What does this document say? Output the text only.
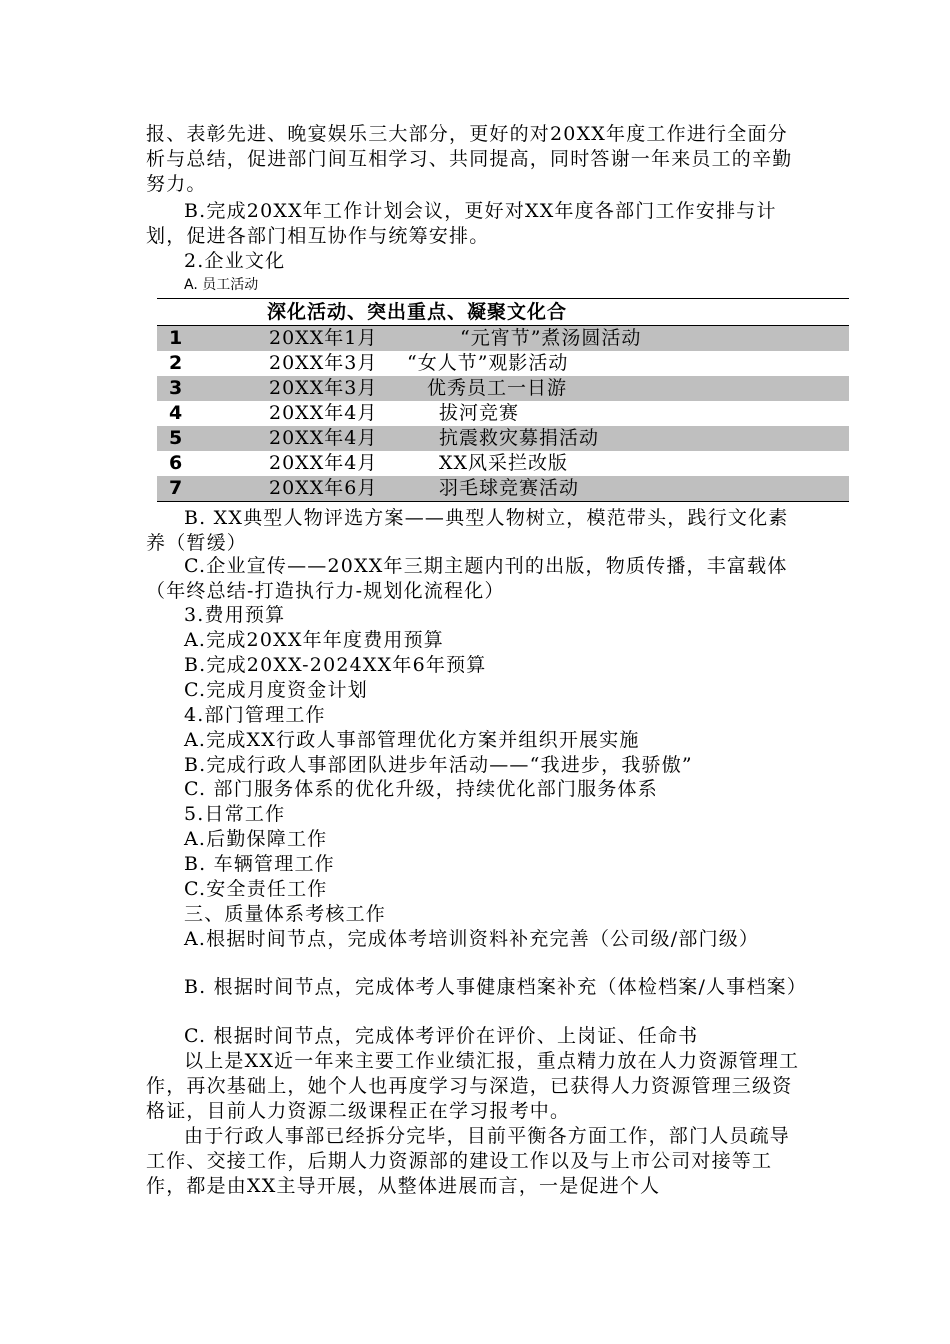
报、表彰先进、晚宴娱乐三大部分，更好的对20XX年度工作进行全面分析与总结，促进部门间互相学习、共同提高，同时答谢一年来员工的辛勤努力。
B.完成20XX年工作计划会议，更好对XX年度各部门工作安排与计划，促进各部门相互协作与统筹安排。
2.企业文化
A. 员工活动
深化活动、突出重点、凝聚文化合
1	20XX年1月	“元宵节”煮汤圆活动
2	20XX年3月 “女人节”观影活动
3	20XX年3月	优秀员工一日游
4	20XX年4月	拔河竞赛
5	20XX年4月	抗震救灾募捐活动
6	20XX年4月	XX风采拦改版
7	20XX年6月	羽毛球竞赛活动
B. XX典型人物评选方案——典型人物树立，模范带头，践行文化素养（暂缓）
C.企业宣传——20XX年三期主题内刊的出版，物质传播，丰富载体（年终总结-打造执行力-规划化流程化）
3.费用预算
A.完成20XX年年度费用预算
B.完成20XX-2024XX年6年预算
C.完成月度资金计划
4.部门管理工作
A.完成XX行政人事部管理优化方案并组织开展实施
B.完成行政人事部团队进步年活动——“我进步，我骄傲”
C. 部门服务体系的优化升级，持续优化部门服务体系
5.日常工作
A.后勤保障工作
B. 车辆管理工作
C.安全责任工作
三、质量体系考核工作
A.根据时间节点，完成体考培训资料补充完善（公司级/部门级）
B. 根据时间节点，完成体考人事健康档案补充（体检档案/人事档案）
C. 根据时间节点，完成体考评价在评价、上岗证、任命书
以上是XX近一年来主要工作业绩汇报，重点精力放在人力资源管理工作，再次基础上，她个人也再度学习与深造，已获得人力资源管理三级资格证，目前人力资源二级课程正在学习报考中。
由于行政人事部已经拆分完毕，目前平衡各方面工作，部门人员疏导工作、交接工作，后期人力资源部的建设工作以及与上市公司对接等工作，都是由XX主导开展，从整体进展而言，一是促进个人
